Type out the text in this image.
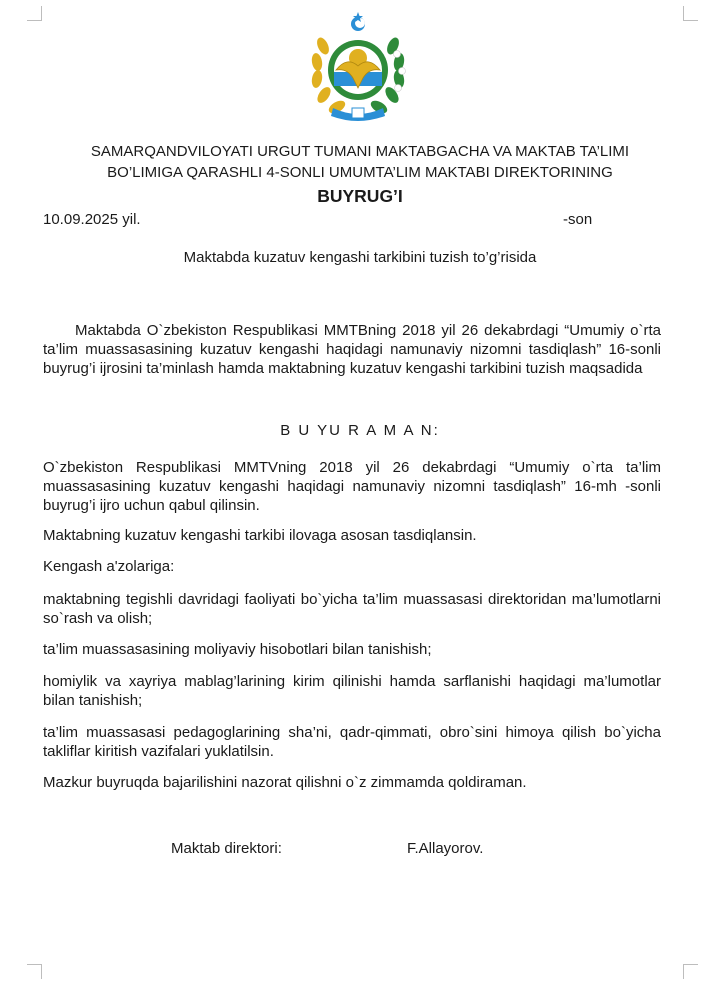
SAMARQANDVILOYATI URGUT TUMANI MAKTABGACHA VA MAKTAB TA’LIMI
BO’LIMIGA QARASHLI 4-SONLI UMUMTA’LIM MAKTABI DIREKTORINING
BUYRUG’I
10.09.2025 yil.	-son
Maktabda kuzatuv kengashi tarkibini tuzish to’g’risida
Maktabda O`zbekiston Respublikasi MMTBning 2018 yil 26 dekabrdagi “Umumiy o`rta ta’lim muassasasining kuzatuv kengashi haqidagi namunaviy nizomni tasdiqlash” 16-sonli buyrug’i ijrosini ta’minlash hamda maktabning kuzatuv kengashi tarkibini tuzish maqsadida
B U YU R A M A N:
O`zbekiston Respublikasi MMTVning 2018 yil 26 dekabrdagi “Umumiy o`rta ta’lim muassasasining kuzatuv kengashi haqidagi namunaviy nizomni tasdiqlash” 16-mh -sonli buyrug’i ijro uchun qabul qilinsin.
Maktabning kuzatuv kengashi tarkibi ilovaga asosan tasdiqlansin.
Kengash a'zolariga:
maktabning tegishli davridagi faoliyati bo`yicha ta’lim muassasasi direktoridan ma’lumotlarni so`rash va olish;
ta’lim muassasasining moliyaviy hisobotlari bilan tanishish;
homiylik va xayriya mablag’larining kirim qilinishi hamda sarflanishi haqidagi ma’lumotlar bilan tanishish;
ta’lim muassasasi pedagoglarining sha’ni, qadr-qimmati, obro`sini himoya qilish bo`yicha takliflar kiritish vazifalari yuklatilsin.
Mazkur buyruqda bajarilishini nazorat qilishni o`z zimmamda qoldiraman.
Maktab direktori:	F.Allayorov.
